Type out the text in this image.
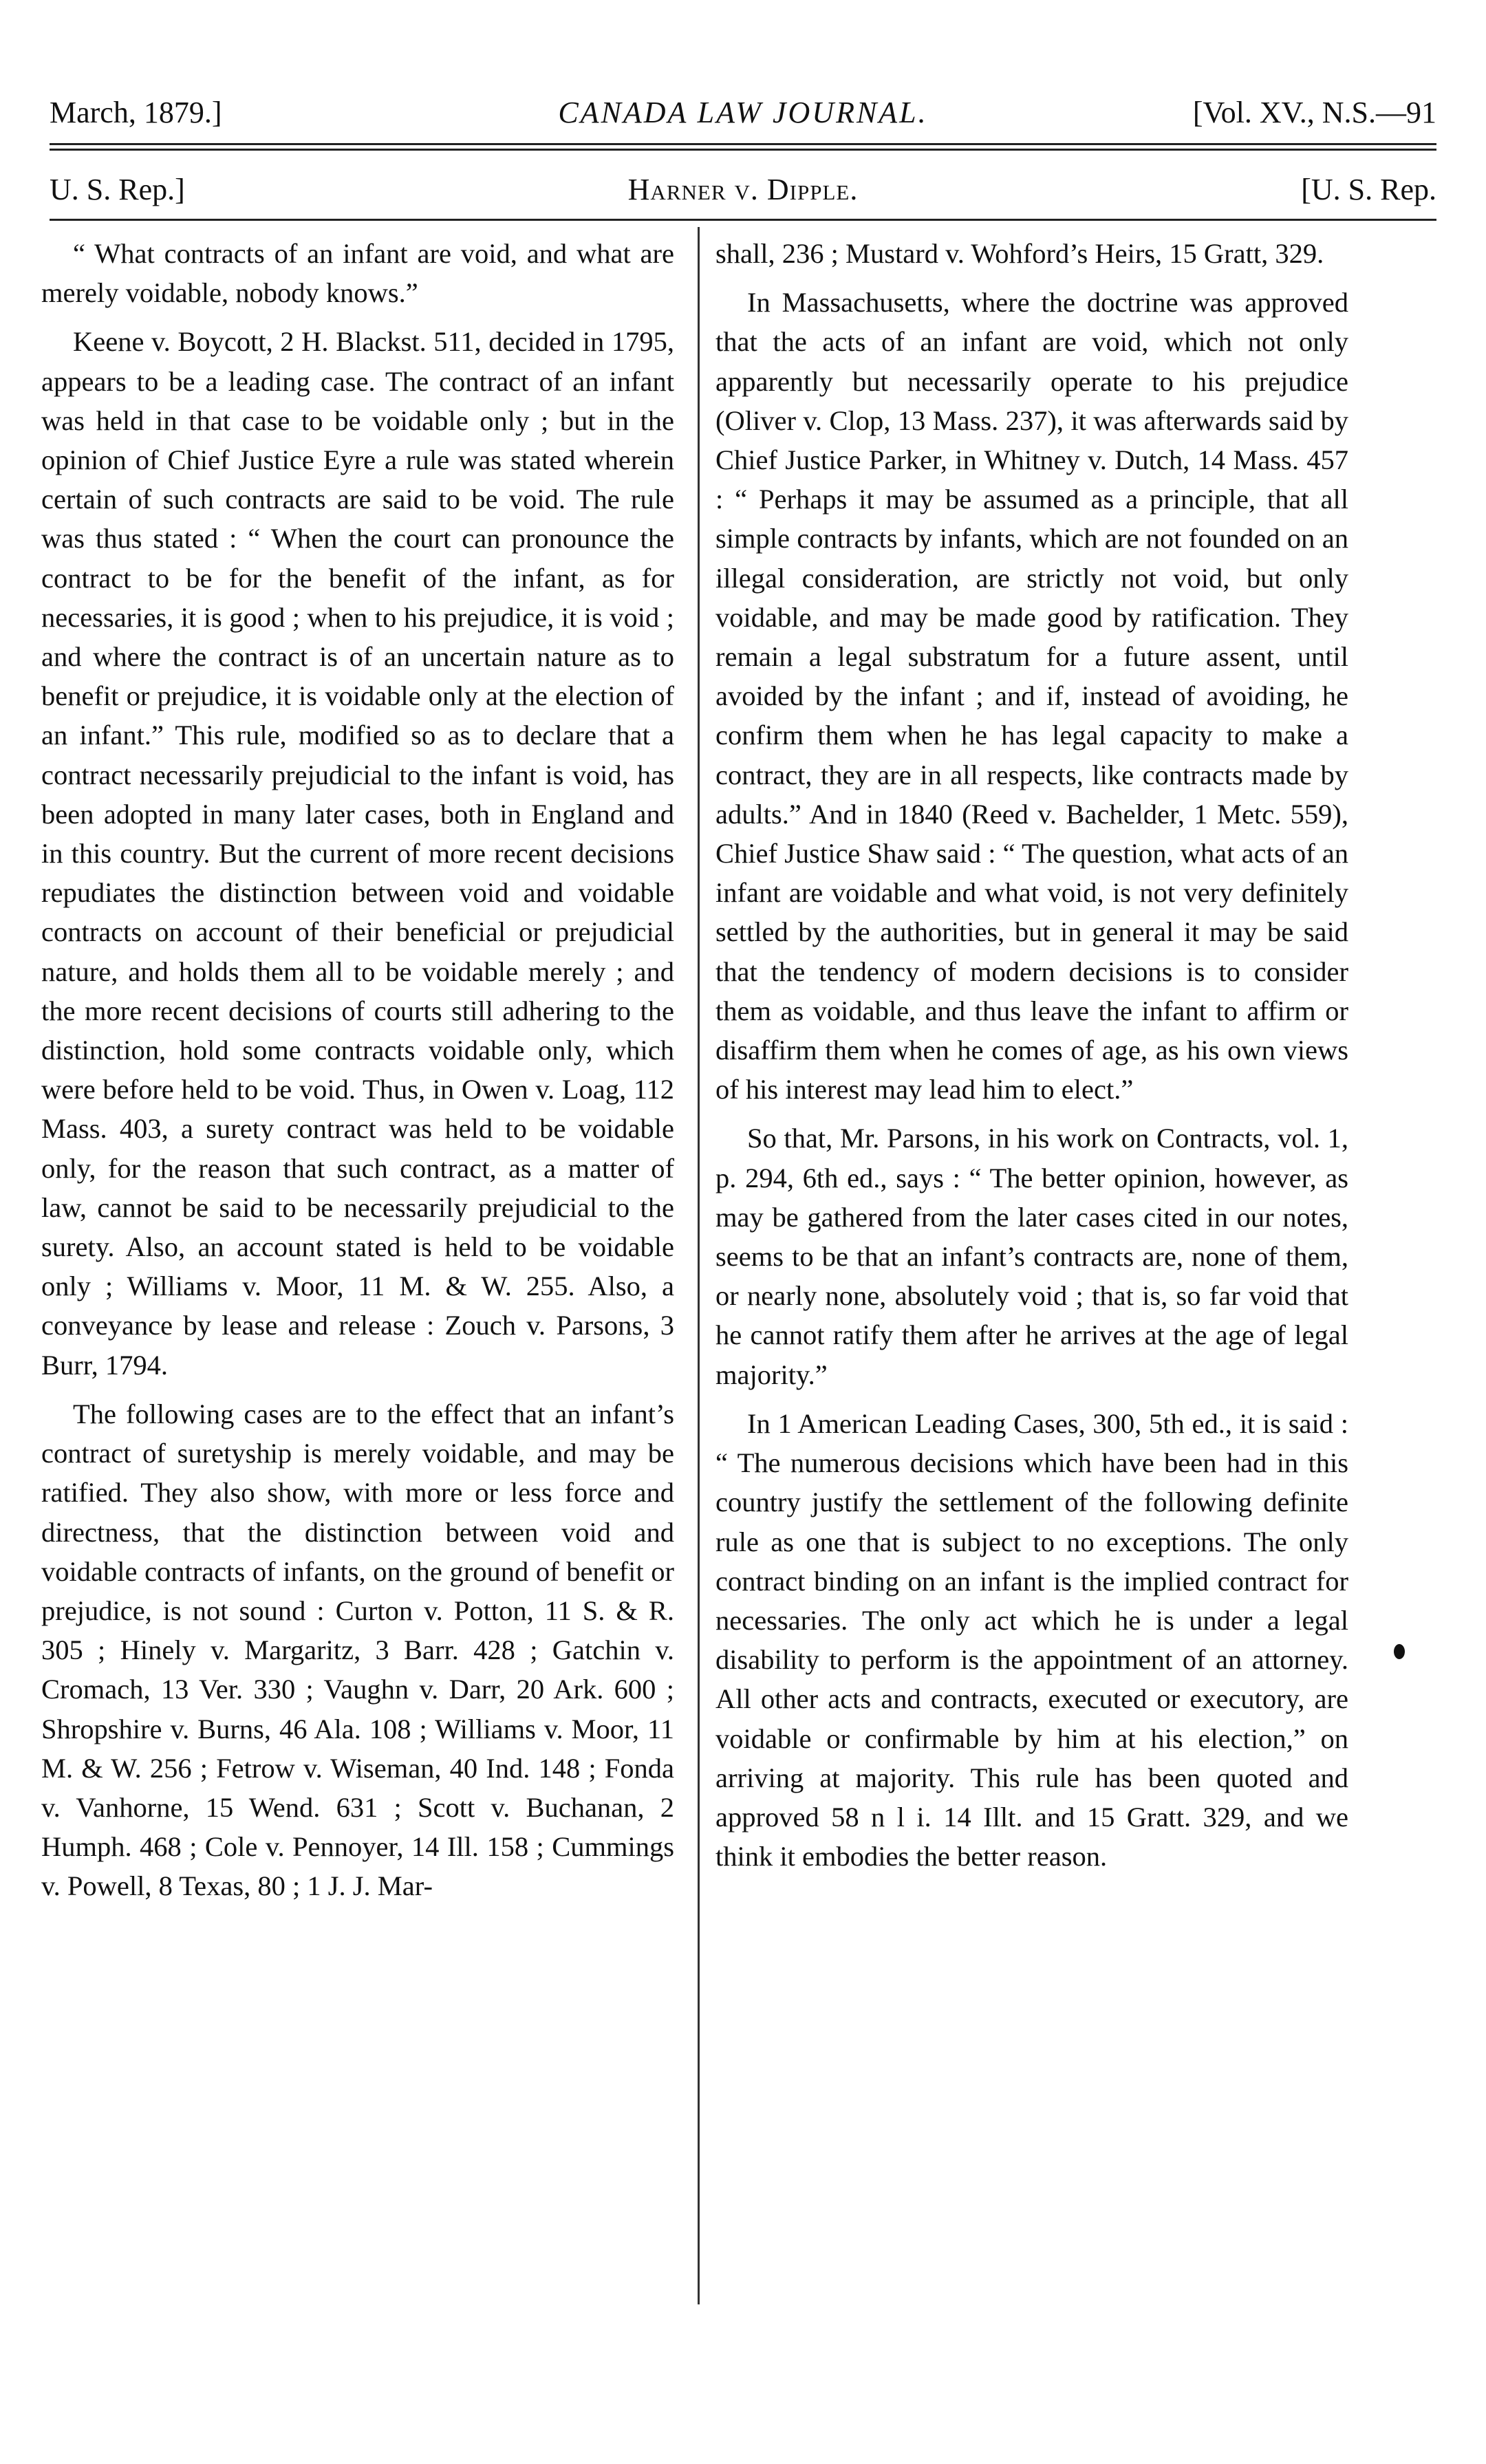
March, 1879.]	CANADA LAW JOURNAL.	[Vol. XV., N.S.—91
U. S. Rep.]	Harner v. Dipple.	[U. S. Rep.

“ What contracts of an infant are void, and what are merely voidable, nobody knows.”

Keene v. Boycott, 2 H. Blackst. 511, decided in 1795, appears to be a leading case. The contract of an infant was held in that case to be voidable only ; but in the opinion of Chief Justice Eyre a rule was stated wherein certain of such contracts are said to be void. The rule was thus stated : “ When the court can pronounce the contract to be for the benefit of the infant, as for necessaries, it is good ; when to his prejudice, it is void ; and where the contract is of an uncertain nature as to benefit or prejudice, it is voidable only at the election of an infant.” This rule, modified so as to declare that a contract necessarily prejudicial to the infant is void, has been adopted in many later cases, both in England and in this country. But the current of more recent decisions repudiates the distinction between void and voidable contracts on account of their beneficial or prejudicial nature, and holds them all to be voidable merely ; and the more recent decisions of courts still adhering to the distinction, hold some contracts voidable only, which were before held to be void. Thus, in Owen v. Loag, 112 Mass. 403, a surety contract was held to be voidable only, for the reason that such contract, as a matter of law, cannot be said to be necessarily prejudicial to the surety. Also, an account stated is held to be voidable only ; Williams v. Moor, 11 M. & W. 255. Also, a conveyance by lease and release : Zouch v. Parsons, 3 Burr, 1794.

The following cases are to the effect that an infant’s contract of suretyship is merely voidable, and may be ratified. They also show, with more or less force and directness, that the distinction between void and voidable contracts of infants, on the ground of benefit or prejudice, is not sound : Curton v. Potton, 11 S. & R. 305 ; Hinely v. Margaritz, 3 Barr. 428 ; Gatchin v. Cromach, 13 Ver. 330 ; Vaughn v. Darr, 20 Ark. 600 ; Shropshire v. Burns, 46 Ala. 108 ; Williams v. Moor, 11 M. & W. 256 ; Fetrow v. Wiseman, 40 Ind. 148 ; Fonda v. Vanhorne, 15 Wend. 631 ; Scott v. Buchanan, 2 Humph. 468 ; Cole v. Pennoyer, 14 Ill. 158 ; Cummings v. Powell, 8 Texas, 80 ; 1 J. J. Mar-

shall, 236 ; Mustard v. Wohford’s Heirs, 15 Gratt, 329.

In Massachusetts, where the doctrine was approved that the acts of an infant are void, which not only apparently but necessarily operate to his prejudice (Oliver v. Clop, 13 Mass. 237), it was afterwards said by Chief Justice Parker, in Whitney v. Dutch, 14 Mass. 457 : “ Perhaps it may be assumed as a principle, that all simple contracts by infants, which are not founded on an illegal consideration, are strictly not void, but only voidable, and may be made good by ratification. They remain a legal substratum for a future assent, until avoided by the infant ; and if, instead of avoiding, he confirm them when he has legal capacity to make a contract, they are in all respects, like contracts made by adults.” And in 1840 (Reed v. Bachelder, 1 Metc. 559), Chief Justice Shaw said : “ The question, what acts of an infant are voidable and what void, is not very definitely settled by the authorities, but in general it may be said that the tendency of modern decisions is to consider them as voidable, and thus leave the infant to affirm or disaffirm them when he comes of age, as his own views of his interest may lead him to elect.”

So that, Mr. Parsons, in his work on Contracts, vol. 1, p. 294, 6th ed., says : “ The better opinion, however, as may be gathered from the later cases cited in our notes, seems to be that an infant’s contracts are, none of them, or nearly none, absolutely void ; that is, so far void that he cannot ratify them after he arrives at the age of legal majority.”

In 1 American Leading Cases, 300, 5th ed., it is said : “ The numerous decisions which have been had in this country justify the settlement of the following definite rule as one that is subject to no exceptions. The only contract binding on an infant is the implied contract for necessaries. The only act which he is under a legal disability to perform is the appointment of an attorney. All other acts and contracts, executed or executory, are voidable or confirmable by him at his election,” on arriving at majority. This rule has been quoted and approved 58 n l i. 14 Illt. and 15 Gratt. 329, and we think it embodies the better reason.
